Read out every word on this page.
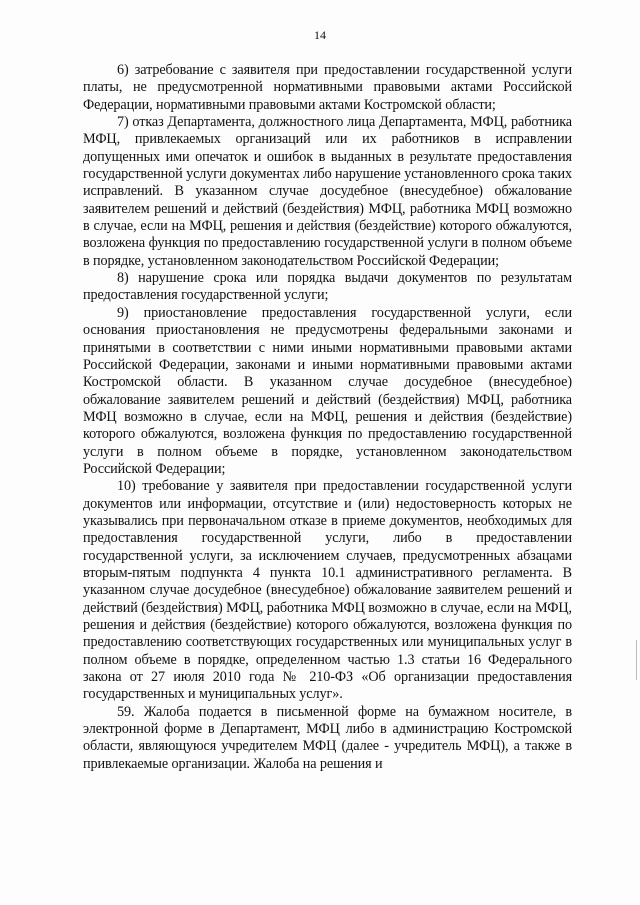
14

6) затребование с заявителя при предоставлении государственной услуги платы, не предусмотренной нормативными правовыми актами Российской Федерации, нормативными правовыми актами Костромской области;

7) отказ Департамента, должностного лица Департамента, МФЦ, работника МФЦ, привлекаемых организаций или их работников в исправлении допущенных ими опечаток и ошибок в выданных в результате предоставления государственной услуги документах либо нарушение установленного срока таких исправлений. В указанном случае досудебное (внесудебное) обжалование заявителем решений и действий (бездействия) МФЦ, работника МФЦ возможно в случае, если на МФЦ, решения и действия (бездействие) которого обжалуются, возложена функция по предоставлению государственной услуги в полном объеме в порядке, установленном законодательством Российской Федерации;

8) нарушение срока или порядка выдачи документов по результатам предоставления государственной услуги;

9) приостановление предоставления государственной услуги, если основания приостановления не предусмотрены федеральными законами и принятыми в соответствии с ними иными нормативными правовыми актами Российской Федерации, законами и иными нормативными правовыми актами Костромской области. В указанном случае досудебное (внесудебное) обжалование заявителем решений и действий (бездействия) МФЦ, работника МФЦ возможно в случае, если на МФЦ, решения и действия (бездействие) которого обжалуются, возложена функция по предоставлению государственной услуги в полном объеме в порядке, установленном законодательством Российской Федерации;

10) требование у заявителя при предоставлении государственной услуги документов или информации, отсутствие и (или) недостоверность которых не указывались при первоначальном отказе в приеме документов, необходимых для предоставления государственной услуги, либо в предоставлении государственной услуги, за исключением случаев, предусмотренных абзацами вторым-пятым подпункта 4 пункта 10.1 административного регламента. В указанном случае досудебное (внесудебное) обжалование заявителем решений и действий (бездействия) МФЦ, работника МФЦ возможно в случае, если на МФЦ, решения и действия (бездействие) которого обжалуются, возложена функция по предоставлению соответствующих государственных или муниципальных услуг в полном объеме в порядке, определенном частью 1.3 статьи 16 Федерального закона от 27 июля 2010 года № 210-ФЗ «Об организации предоставления государственных и муниципальных услуг».

59. Жалоба подается в письменной форме на бумажном носителе, в электронной форме в Департамент, МФЦ либо в администрацию Костромской области, являющуюся учредителем МФЦ (далее - учредитель МФЦ), а также в привлекаемые организации. Жалоба на решения и
